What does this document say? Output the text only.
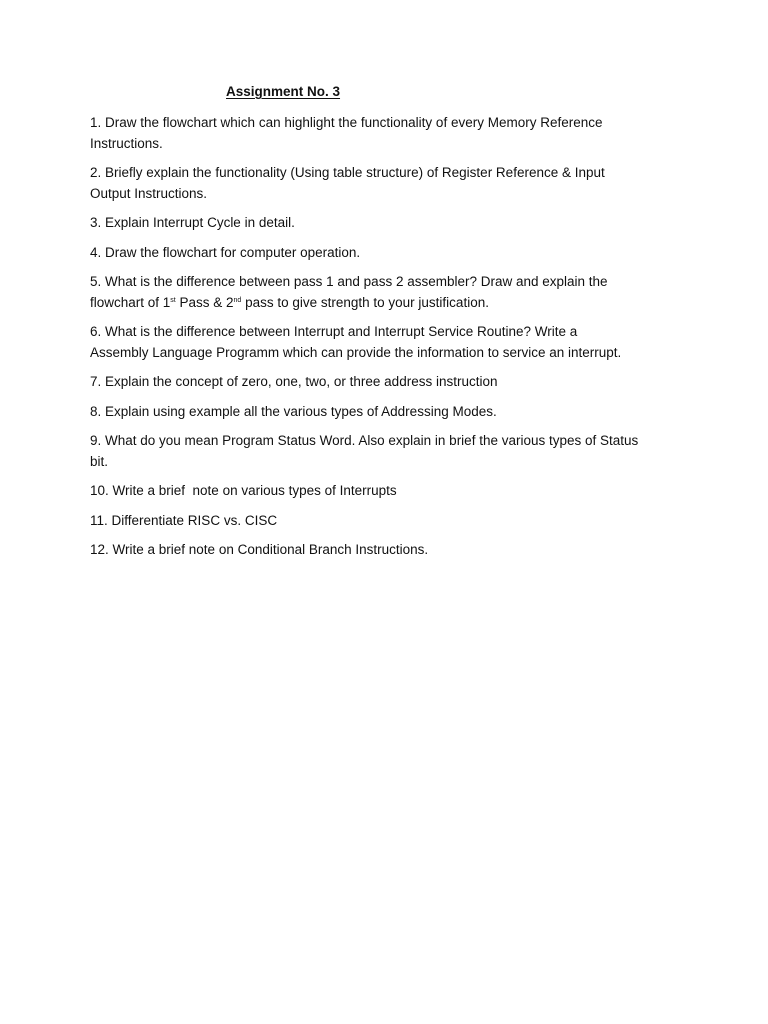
Assignment No. 3
1. Draw the flowchart which can highlight the functionality of every Memory Reference
Instructions.
2. Briefly explain the functionality (Using table structure) of Register Reference & Input
Output Instructions.
3. Explain Interrupt Cycle in detail.
4. Draw the flowchart for computer operation.
5. What is the difference between pass 1 and pass 2 assembler? Draw and explain the
flowchart of 1st Pass & 2nd pass to give strength to your justification.
6. What is the difference between Interrupt and Interrupt Service Routine? Write a
Assembly Language Programm which can provide the information to service an interrupt.
7. Explain the concept of zero, one, two, or three address instruction
8. Explain using example all the various types of Addressing Modes.
9. What do you mean Program Status Word. Also explain in brief the various types of Status
bit.
10. Write a brief  note on various types of Interrupts
11. Differentiate RISC vs. CISC
12. Write a brief note on Conditional Branch Instructions.
